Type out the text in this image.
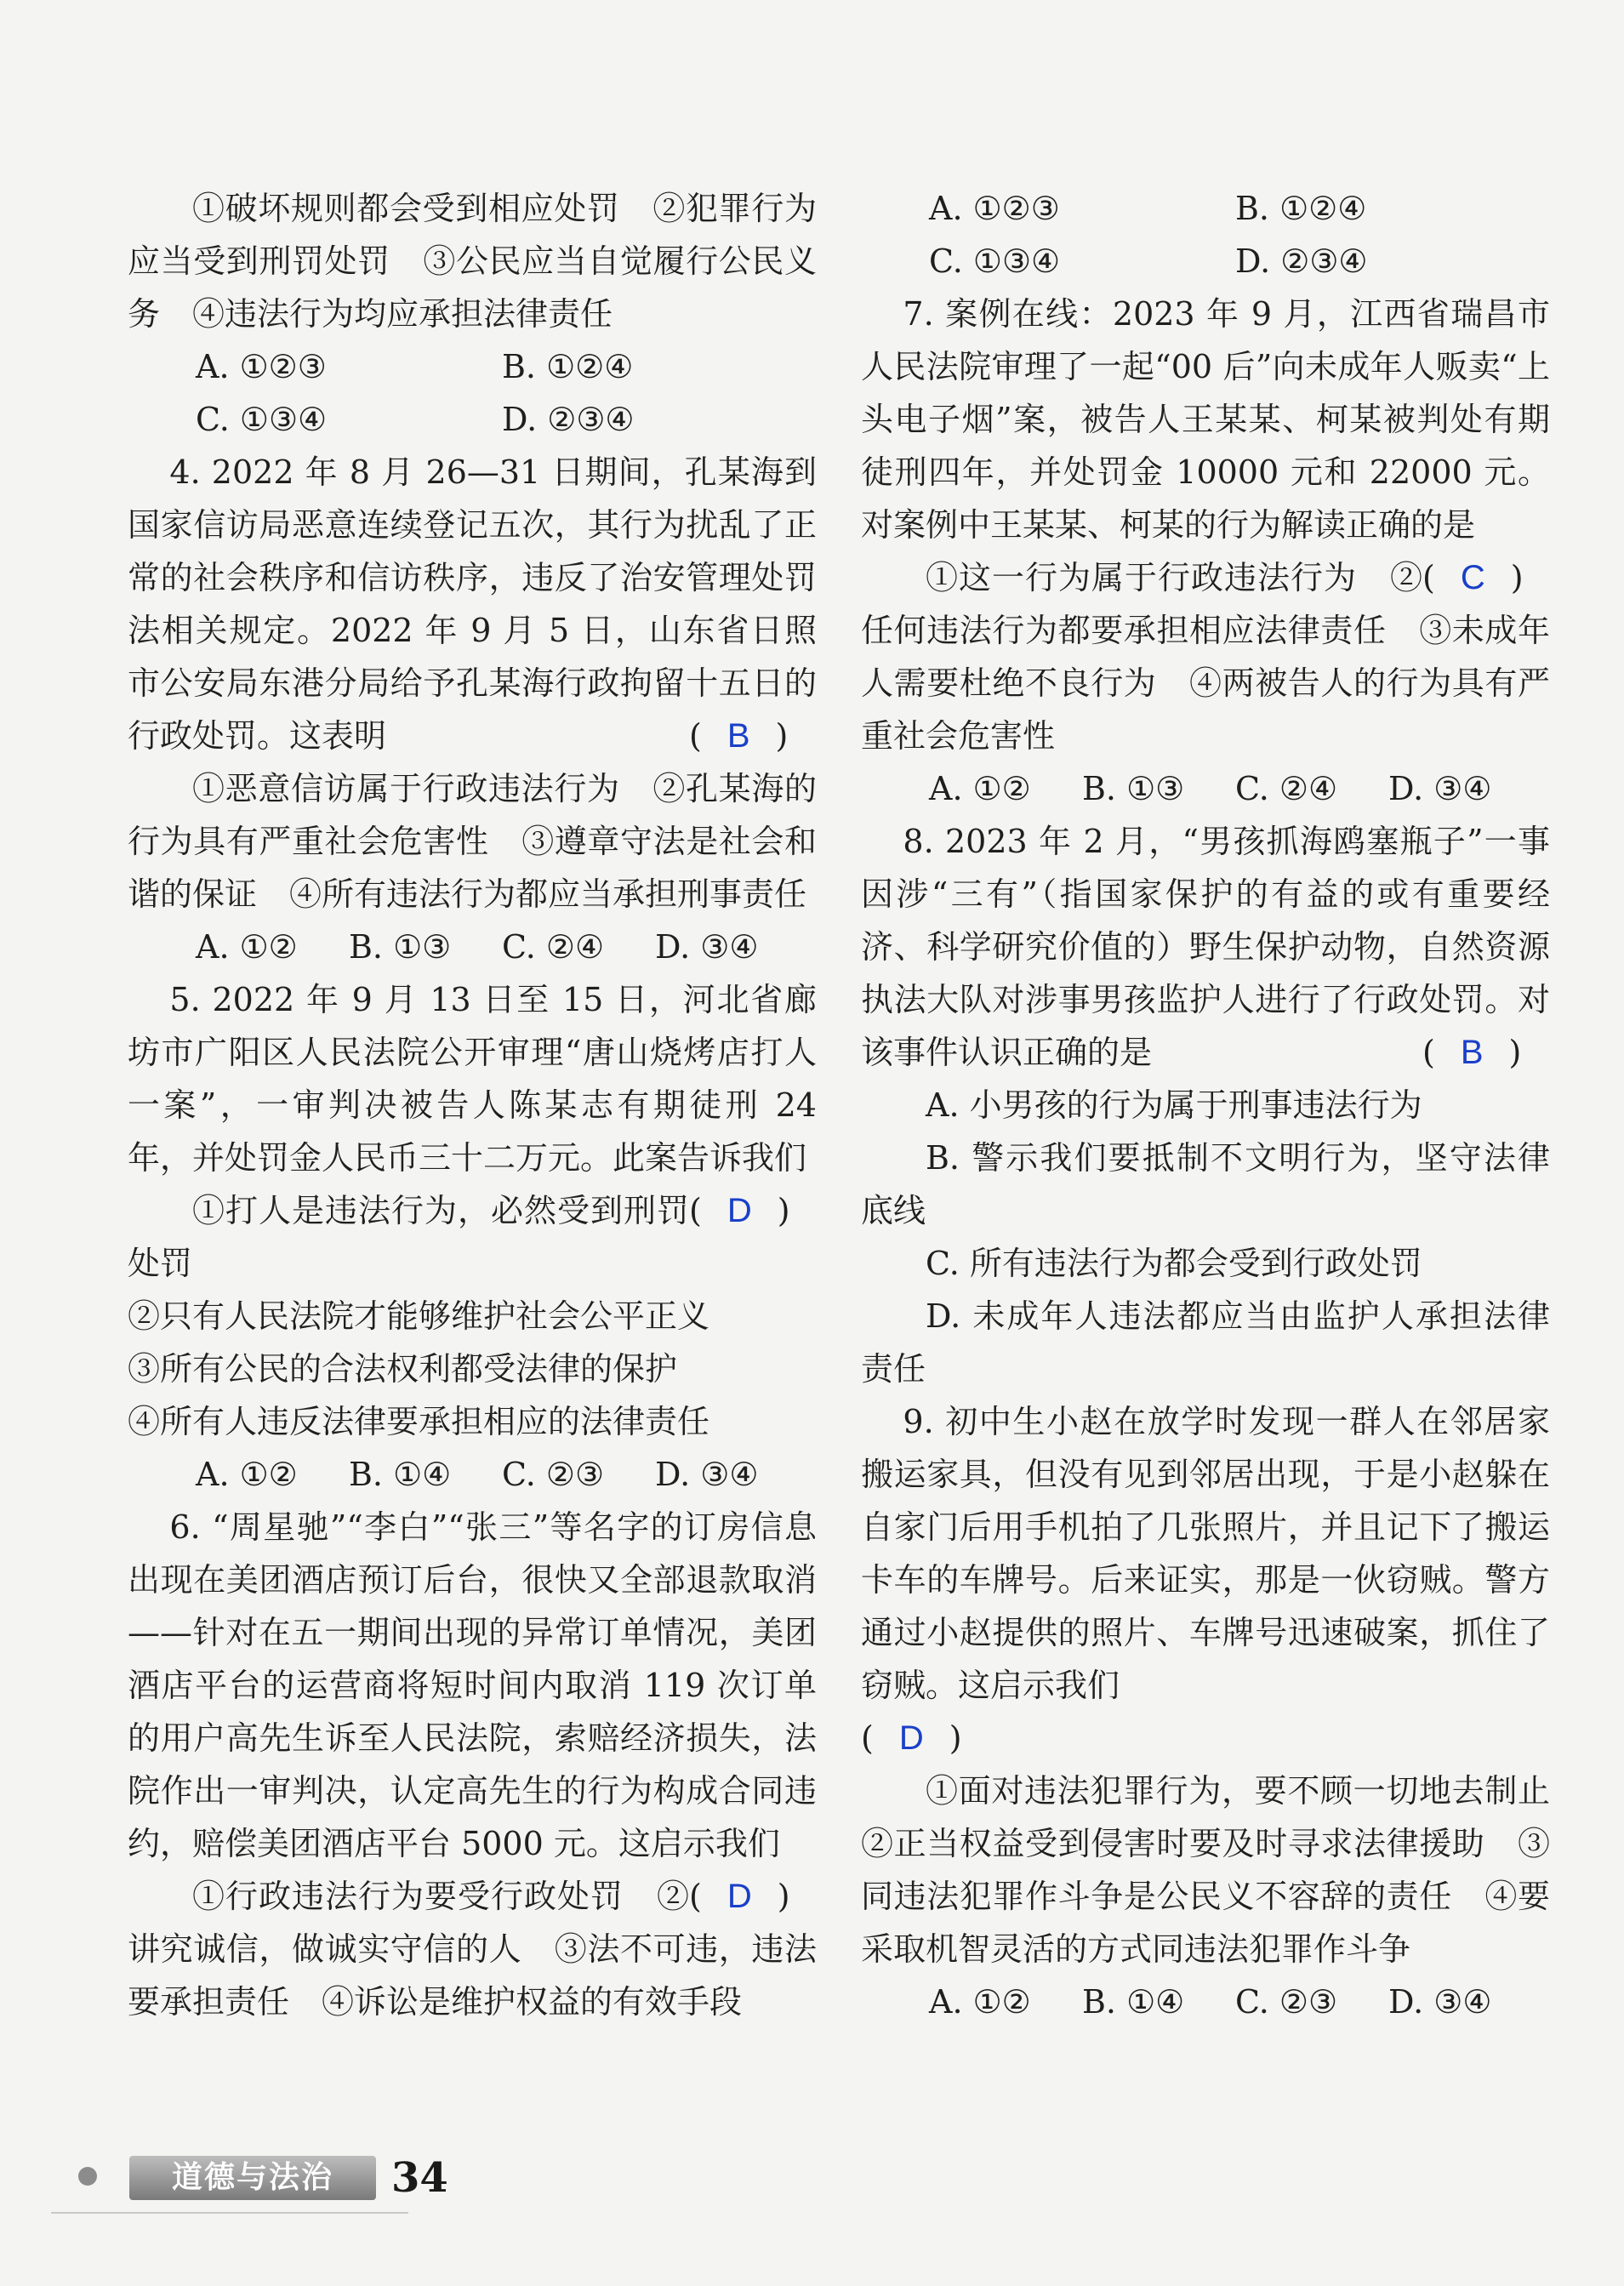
①破坏规则都会受到相应处罚　②犯罪行为应当受到刑罚处罚　③公民应当自觉履行公民义务　④违法行为均应承担法律责任

A. ①②③	B. ①②④
C. ①③④	D. ②③④

4. 2022 年 8 月 26—31 日期间，孔某海到国家信访局恶意连续登记五次，其行为扰乱了正常的社会秩序和信访秩序，违反了治安管理处罚法相关规定。2022 年 9 月 5 日，山东省日照市公安局东港分局给予孔某海行政拘留十五日的行政处罚。这表明	( B )

①恶意信访属于行政违法行为　②孔某海的行为具有严重社会危害性　③遵章守法是社会和谐的保证　④所有违法行为都应当承担刑事责任

A. ①②	B. ①③	C. ②④	D. ③④

5. 2022 年 9 月 13 日至 15 日，河北省廊坊市广阳区人民法院公开审理“唐山烧烤店打人一案”，一审判决被告人陈某志有期徒刑 24 年，并处罚金人民币三十二万元。此案告诉我们
( D )

①打人是违法行为，必然受到刑罚处罚

②只有人民法院才能够维护社会公平正义

③所有公民的合法权利都受法律的保护

④所有人违反法律要承担相应的法律责任

A. ①②	B. ①④	C. ②③	D. ③④

6. “周星驰”“李白”“张三”等名字的订房信息出现在美团酒店预订后台，很快又全部退款取消——针对在五一期间出现的异常订单情况，美团酒店平台的运营商将短时间内取消 119 次订单的用户高先生诉至人民法院，索赔经济损失，法院作出一审判决，认定高先生的行为构成合同违约，赔偿美团酒店平台 5000 元。这启示我们
( D )

①行政违法行为要受行政处罚　②讲究诚信，做诚实守信的人　③法不可违，违法要承担责任　④诉讼是维护权益的有效手段

A. ①②③	B. ①②④
C. ①③④	D. ②③④

7. 案例在线：2023 年 9 月，江西省瑞昌市人民法院审理了一起“00 后”向未成年人贩卖“上头电子烟”案，被告人王某某、柯某被判处有期徒刑四年，并处罚金 10000 元和 22000 元。对案例中王某某、柯某的行为解读正确的是
( C )

①这一行为属于行政违法行为　②任何违法行为都要承担相应法律责任　③未成年人需要杜绝不良行为　④两被告人的行为具有严重社会危害性

A. ①②	B. ①③	C. ②④	D. ③④

8. 2023 年 2 月，“男孩抓海鸥塞瓶子”一事因涉“三有”（指国家保护的有益的或有重要经济、科学研究价值的）野生保护动物，自然资源执法大队对涉事男孩监护人进行了行政处罚。对该事件认识正确的是	( B )

A. 小男孩的行为属于刑事违法行为

B. 警示我们要抵制不文明行为，坚守法律底线

C. 所有违法行为都会受到行政处罚

D. 未成年人违法都应当由监护人承担法律责任

9. 初中生小赵在放学时发现一群人在邻居家搬运家具，但没有见到邻居出现，于是小赵躲在自家门后用手机拍了几张照片，并且记下了搬运卡车的车牌号。后来证实，那是一伙窃贼。警方通过小赵提供的照片、车牌号迅速破案，抓住了窃贼。这启示我们

( D )

①面对违法犯罪行为，要不顾一切地去制止　②正当权益受到侵害时要及时寻求法律援助　③同违法犯罪作斗争是公民义不容辞的责任　④要采取机智灵活的方式同违法犯罪作斗争

A. ①②	B. ①④	C. ②③	D. ③④
道德与法治	34
